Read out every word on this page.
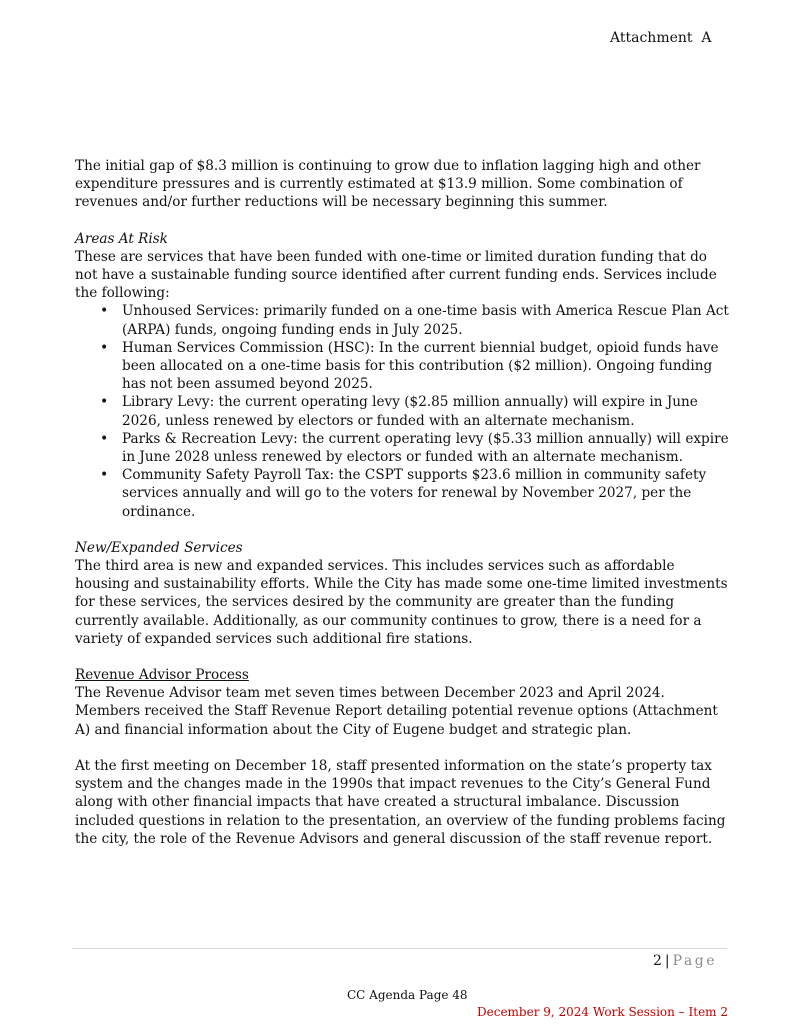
Attachment  A

The initial gap of $8.3 million is continuing to grow due to inflation lagging high and other expenditure pressures and is currently estimated at $13.9 million. Some combination of revenues and/or further reductions will be necessary beginning this summer.

Areas At Risk

These are services that have been funded with one-time or limited duration funding that do not have a sustainable funding source identified after current funding ends. Services include the following:

• Unhoused Services: primarily funded on a one-time basis with America Rescue Plan Act (ARPA) funds, ongoing funding ends in July 2025.
• Human Services Commission (HSC): In the current biennial budget, opioid funds have been allocated on a one-time basis for this contribution ($2 million). Ongoing funding has not been assumed beyond 2025.
• Library Levy: the current operating levy ($2.85 million annually) will expire in June 2026, unless renewed by electors or funded with an alternate mechanism.
• Parks & Recreation Levy: the current operating levy ($5.33 million annually) will expire in June 2028 unless renewed by electors or funded with an alternate mechanism.
• Community Safety Payroll Tax: the CSPT supports $23.6 million in community safety services annually and will go to the voters for renewal by November 2027, per the ordinance.

New/Expanded Services

The third area is new and expanded services. This includes services such as affordable housing and sustainability efforts. While the City has made some one-time limited investments for these services, the services desired by the community are greater than the funding currently available. Additionally, as our community continues to grow, there is a need for a variety of expanded services such additional fire stations.

Revenue Advisor Process

The Revenue Advisor team met seven times between December 2023 and April 2024. Members received the Staff Revenue Report detailing potential revenue options (Attachment A) and financial information about the City of Eugene budget and strategic plan.

At the first meeting on December 18, staff presented information on the state’s property tax system and the changes made in the 1990s that impact revenues to the City’s General Fund along with other financial impacts that have created a structural imbalance. Discussion included questions in relation to the presentation, an overview of the funding problems facing the city, the role of the Revenue Advisors and general discussion of the staff revenue report.

2 | Page
CC Agenda Page 48
December 9, 2024 Work Session – Item 2
